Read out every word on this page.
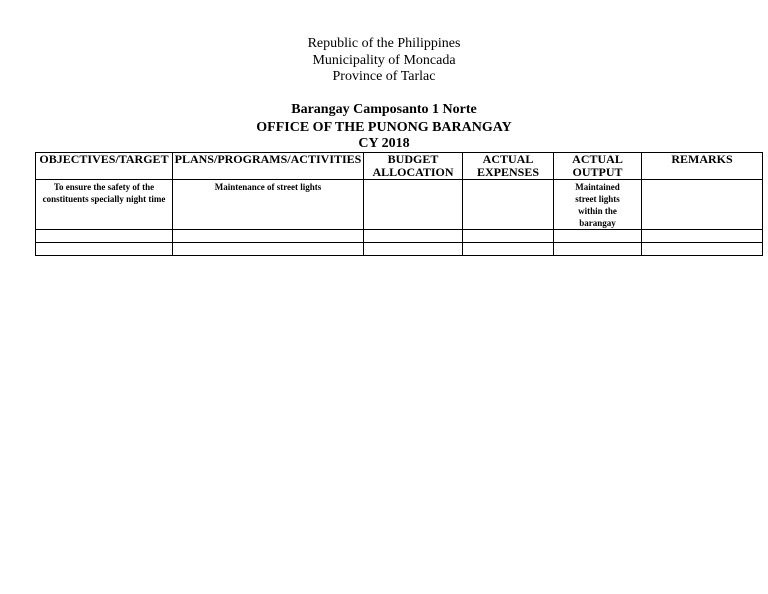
Republic of the Philippines
Municipality of Moncada
Province of Tarlac
Barangay Camposanto 1 Norte
OFFICE OF THE PUNONG BARANGAY
CY 2018
OBJECTIVES/TARGET	PLANS/PROGRAMS/ACTIVITIES	BUDGET ALLOCATION	ACTUAL EXPENSES	ACTUAL OUTPUT	REMARKS
To ensure the safety of the constituents specially night time	Maintenance of street lights			Maintained street lights within the barangay	
